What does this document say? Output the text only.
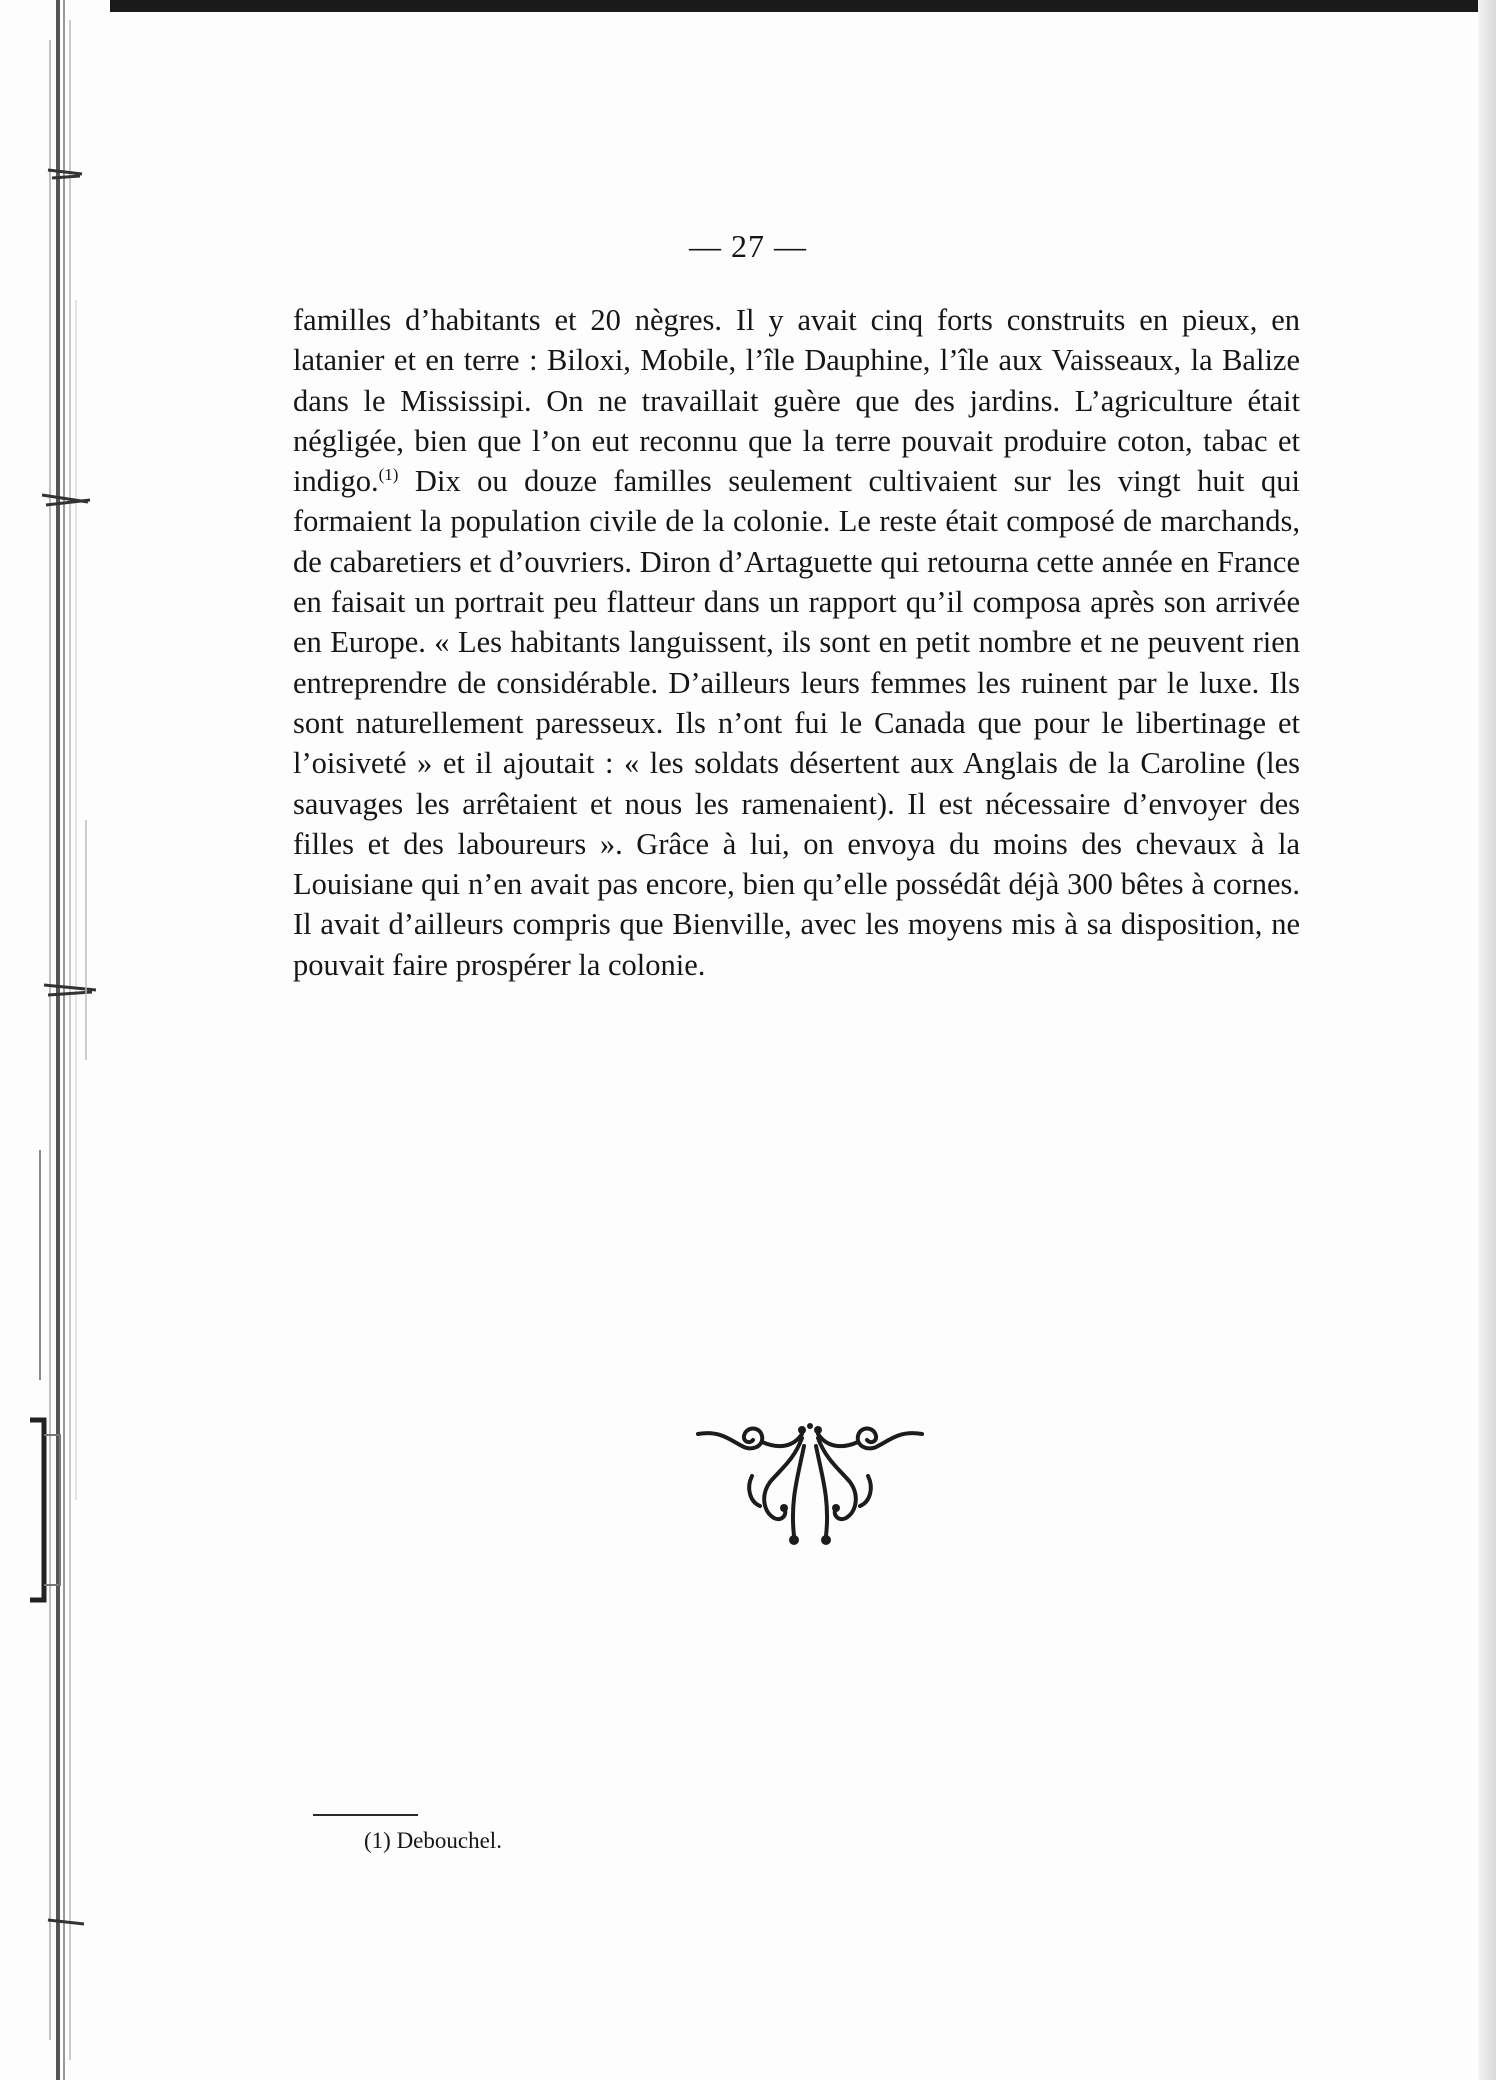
— 27 —

familles d’habitants et 20 nègres. Il y avait cinq forts construits en pieux, en latanier et en terre : Biloxi, Mobile, l’île Dauphine, l’île aux Vaisseaux, la Balize dans le Mississipi. On ne travaillait guère que des jardins. L’agriculture était négligée, bien que l’on eut reconnu que la terre pouvait produire coton, tabac et indigo.$^{(1)}$ Dix ou douze familles seulement cultivaient sur les vingt huit qui formaient la population civile de la colonie. Le reste était composé de marchands, de cabaretiers et d’ouvriers. Diron d’Artaguette qui retourna cette année en France en faisait un portrait peu flatteur dans un rapport qu’il composa après son arrivée en Europe. « Les habitants languissent, ils sont en petit nombre et ne peuvent rien entreprendre de considérable. D’ailleurs leurs femmes les ruinent par le luxe. Ils sont naturellement paresseux. Ils n’ont fui le Canada que pour le libertinage et l’oisiveté » et il ajoutait : « les soldats désertent aux Anglais de la Caroline (les sauvages les arrêtaient et nous les ramenaient). Il est nécessaire d’envoyer des filles et des laboureurs ». Grâce à lui, on envoya du moins des chevaux à la Louisiane qui n’en avait pas encore, bien qu’elle possédât déjà 300 bêtes à cornes. Il avait d’ailleurs compris que Bienville, avec les moyens mis à sa disposition, ne pouvait faire prospérer la colonie.

(1) Debouchel.
